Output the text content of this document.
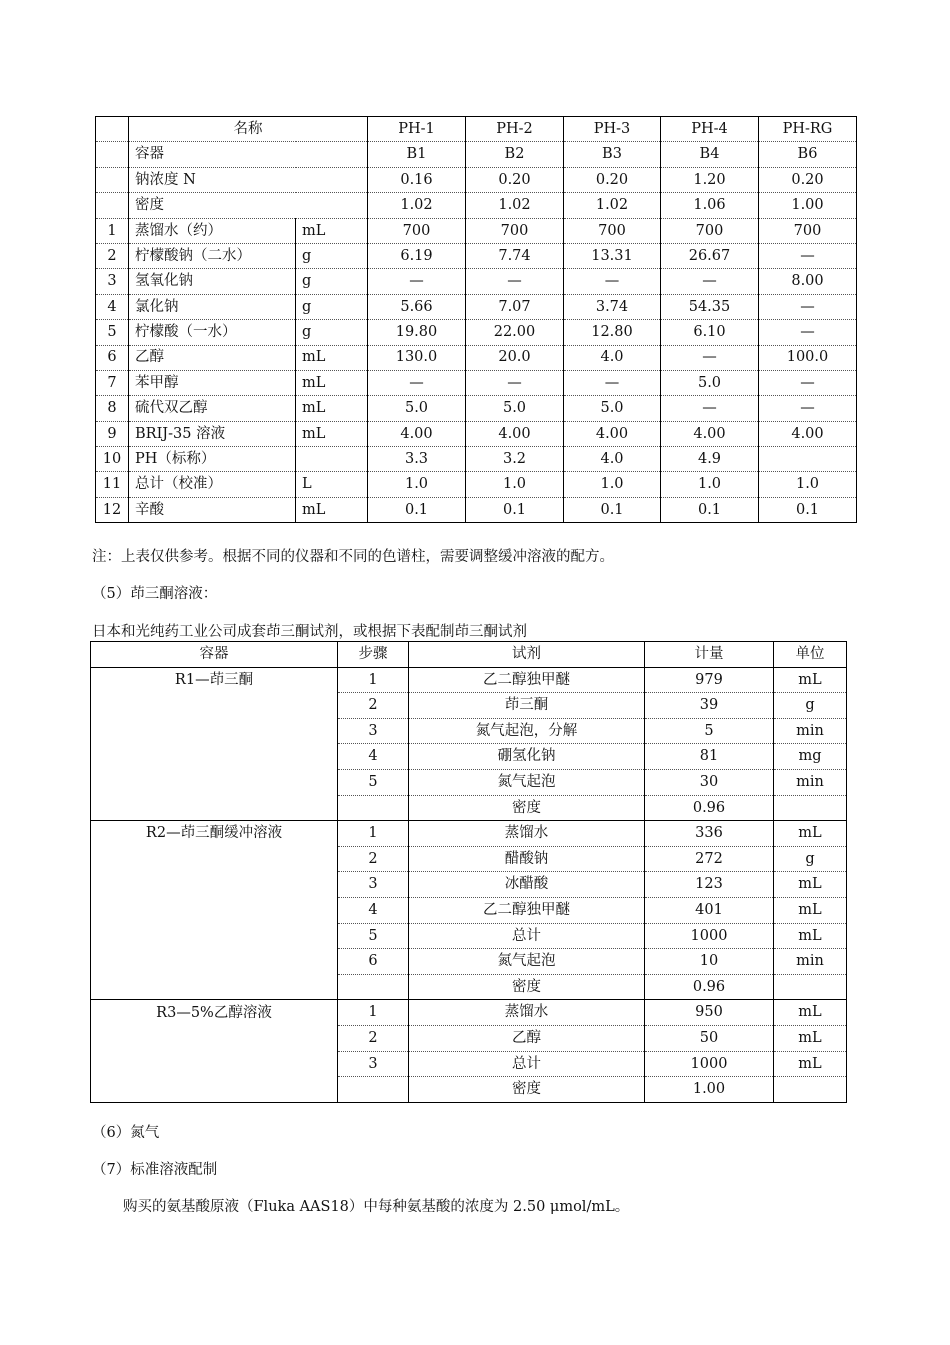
	名称		PH-1	PH-2	PH-3	PH-4	PH-RG
	容器		B1	B2	B3	B4	B6
	钠浓度 N		0.16	0.20	0.20	1.20	0.20
	密度		1.02	1.02	1.02	1.06	1.00
1	蒸馏水（约）	mL	700	700	700	700	700
2	柠檬酸钠（二水）	g	6.19	7.74	13.31	26.67	—
3	氢氧化钠	g	—	—	—	—	8.00
4	氯化钠	g	5.66	7.07	3.74	54.35	—
5	柠檬酸（一水）	g	19.80	22.00	12.80	6.10	—
6	乙醇	mL	130.0	20.0	4.0	—	100.0
7	苯甲醇	mL	—	—	—	5.0	—
8	硫代双乙醇	mL	5.0	5.0	5.0	—	—
9	BRIJ-35 溶液	mL	4.00	4.00	4.00	4.00	4.00
10	PH（标称）		3.3	3.2	4.0	4.9	
11	总计（校准）	L	1.0	1.0	1.0	1.0	1.0
12	辛酸	mL	0.1	0.1	0.1	0.1	0.1
注：上表仅供参考。根据不同的仪器和不同的色谱柱，需要调整缓冲溶液的配方。
（5）茚三酮溶液：
日本和光纯药工业公司成套茚三酮试剂，或根据下表配制茚三酮试剂
容器	步骤	试剂	计量	单位
R1—茚三酮	1	乙二醇独甲醚	979	mL
	2	茚三酮	39	g
	3	氮气起泡，分解	5	min
	4	硼氢化钠	81	mg
	5	氮气起泡	30	min
		密度	0.96	
R2—茚三酮缓冲溶液	1	蒸馏水	336	mL
	2	醋酸钠	272	g
	3	冰醋酸	123	mL
	4	乙二醇独甲醚	401	mL
	5	总计	1000	mL
	6	氮气起泡	10	min
		密度	0.96	
R3—5%乙醇溶液	1	蒸馏水	950	mL
	2	乙醇	50	mL
	3	总计	1000	mL
		密度	1.00	
（6）氮气
（7）标准溶液配制
购买的氨基酸原液（Fluka AAS18）中每种氨基酸的浓度为 2.50 μmol/mL。
